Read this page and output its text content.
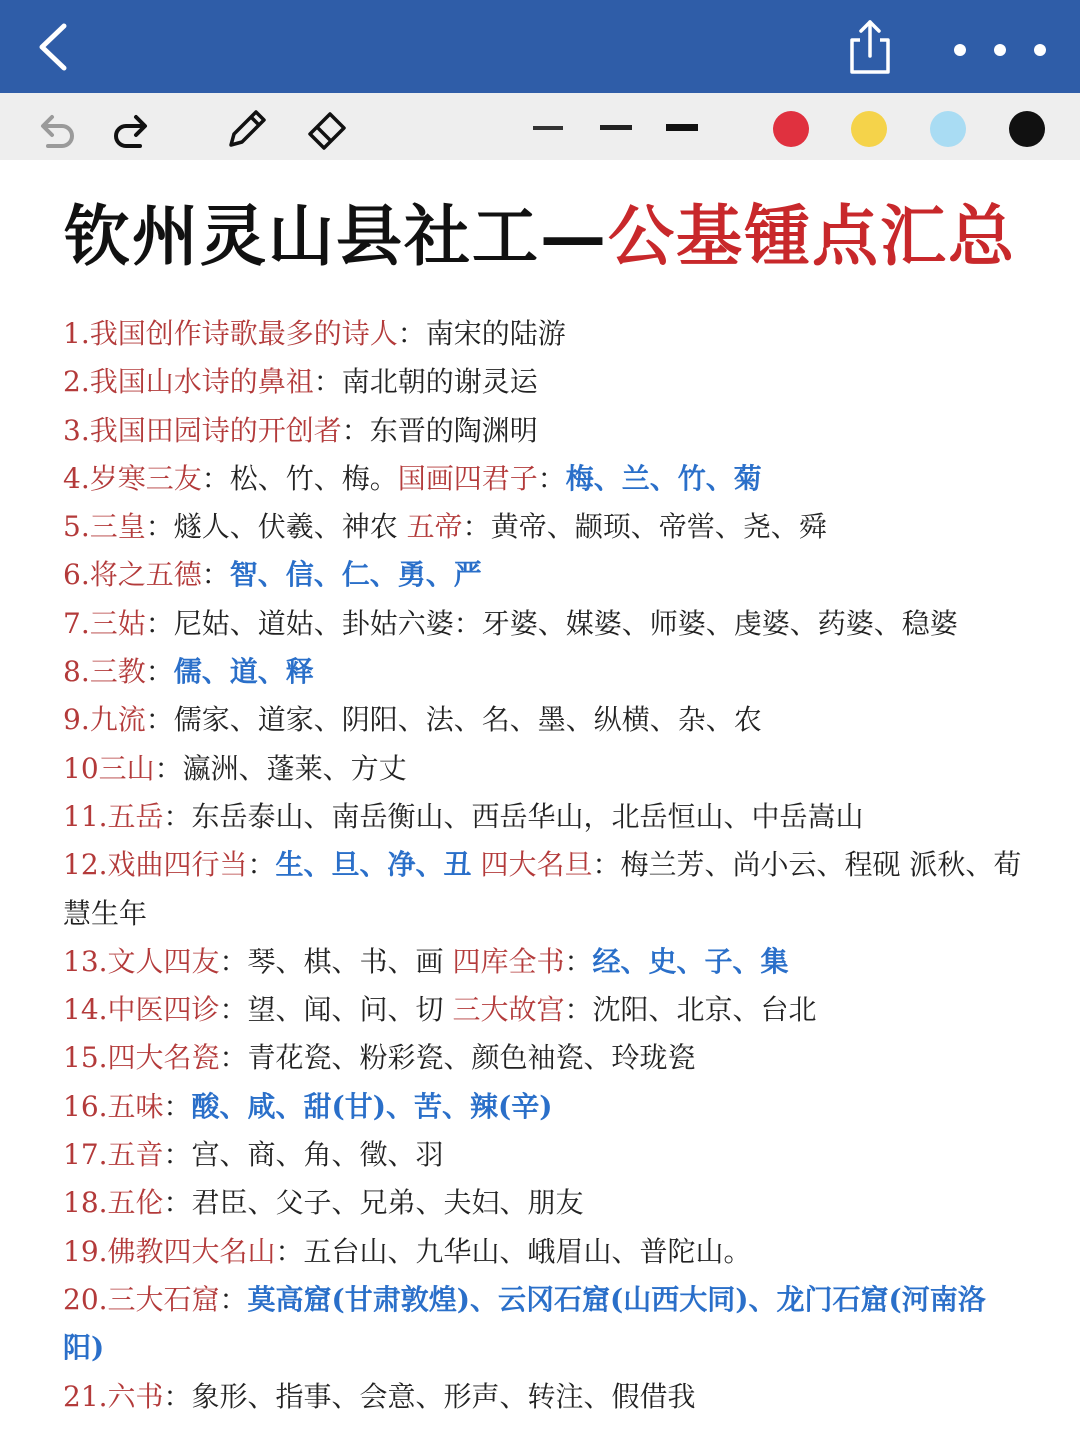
钦州灵山县社工—公基锺点汇总
1.我国创作诗歌最多的诗人：南宋的陆游
2.我国山水诗的鼻祖：南北朝的谢灵运
3.我国田园诗的开创者：东晋的陶渊明
4.岁寒三友：松、竹、梅。国画四君子：梅、兰、竹、菊
5.三皇：燧人、伏羲、神农 五帝：黄帝、颛顼、帝喾、尧、舜
6.将之五德：智、信、仁、勇、严
7.三姑：尼姑、道姑、卦姑六婆：牙婆、媒婆、师婆、虔婆、药婆、稳婆
8.三教：儒、道、释
9.九流：儒家、道家、阴阳、法、名、墨、纵横、杂、农
10三山：瀛洲、蓬莱、方丈
11.五岳：东岳泰山、南岳衡山、西岳华山，北岳恒山、中岳嵩山
12.戏曲四行当：生、旦、净、丑 四大名旦：梅兰芳、尚小云、程砚 派秋、荀慧生年
13.文人四友：琴、棋、书、画 四库全书：经、史、子、集
14.中医四诊：望、闻、问、切 三大故宫：沈阳、北京、台北
15.四大名瓷：青花瓷、粉彩瓷、颜色袖瓷、玲珑瓷
16.五味：酸、咸、甜(甘)、苦、辣(辛)
17.五音：宫、商、角、徵、羽
18.五伦：君臣、父子、兄弟、夫妇、朋友
19.佛教四大名山：五台山、九华山、峨眉山、普陀山。
20.三大石窟：莫高窟(甘肃敦煌)、云冈石窟(山西大同)、龙门石窟(河南洛阳)
21.六书：象形、指事、会意、形声、转注、假借我
